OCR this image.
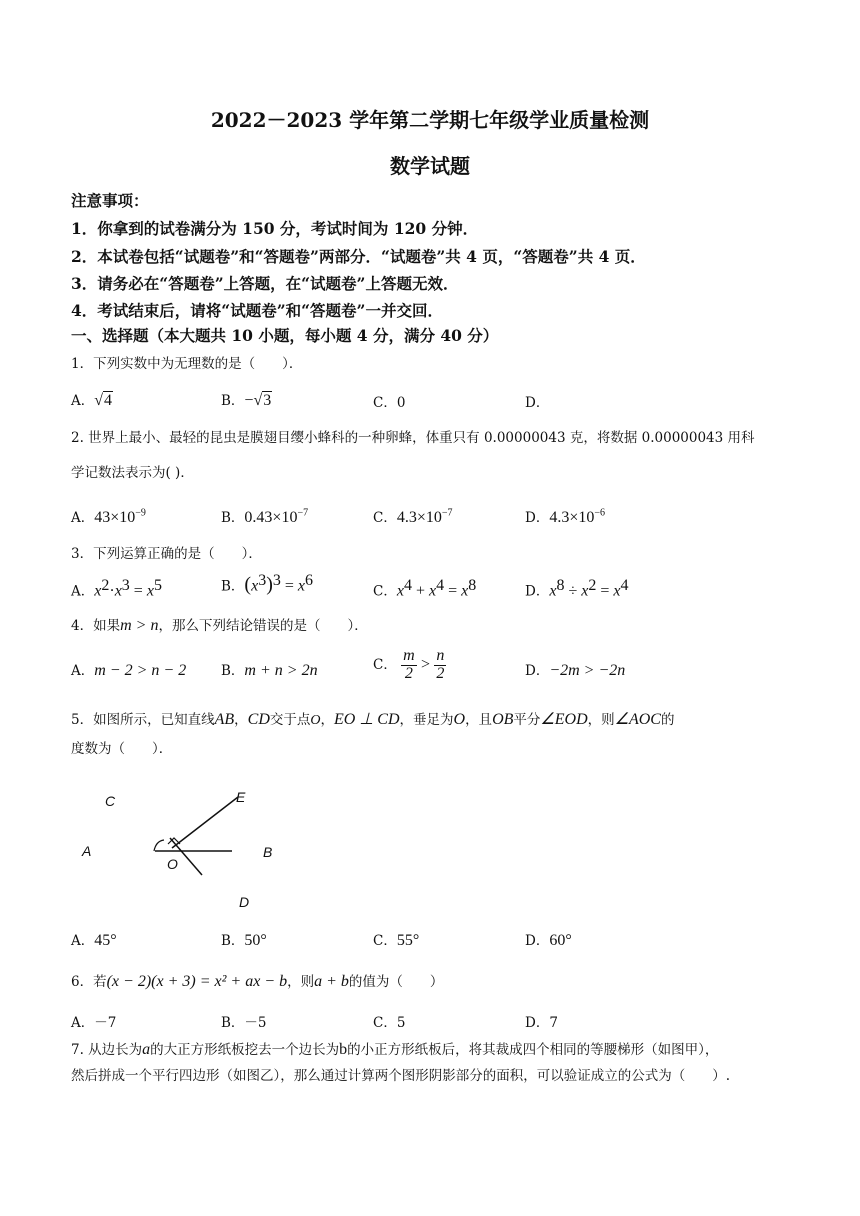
2022－2023 学年第二学期七年级学业质量检测
数学试题
注意事项：
1．你拿到的试卷满分为 150 分，考试时间为 120 分钟．
2．本试卷包括“试题卷”和“答题卷”两部分．“试题卷”共 4 页，“答题卷”共 4 页．
3．请务必在“答题卷”上答题，在“试题卷”上答题无效．
4．考试结束后，请将“试题卷”和“答题卷”一并交回．
一、选择题（本大题共 10 小题，每小题 4 分，满分 40 分）
1．下列实数中为无理数的是（　　）．
A．√4	B．−√3	C．0	D．
2. 世界上最小、最轻的昆虫是膜翅目缨小蜂科的一种卵蜂，体重只有 0.00000043 克，将数据 0.00000043 用科
学记数法表示为( )．
A．$43\times 10^{-9}$	B．$0.43\times 10^{-7}$	C．$4.3\times 10^{-7}$	D．$4.3\times 10^{-6}$
3．下列运算正确的是（　　）．
A．$x^2\cdot x^3 = x^5$	B．$(x^3)^3 = x^6$
C．$x^4 + x^4 = x^8$	D．$x^8 \div x^2 = x^4$
4．如果m > n，那么下列结论错误的是（　　）．
A．m − 2 > n − 2	B．m + n > 2n	C． $\frac{m}{2} > \frac{n}{2}$	D．−2m > −2n
5．如图所示，已知直线AB，CD交于点O，EO ⊥ CD，垂足为O，且OB平分∠EOD，则∠AOC的
度数为（　　）．
C	E
A
O
B
D
A．45°	B．50°	C．55°	D．60°
6．若(x − 2)(x + 3) = x² + ax − b，则a + b的值为（　　）
A．－7	B．－5	C．5	D．7
7. 从边长为a的大正方形纸板挖去一个边长为b的小正方形纸板后，将其裁成四个相同的等腰梯形（如图甲），
然后拼成一个平行四边形（如图乙），那么通过计算两个图形阴影部分的面积，可以验证成立的公式为（　　）.
